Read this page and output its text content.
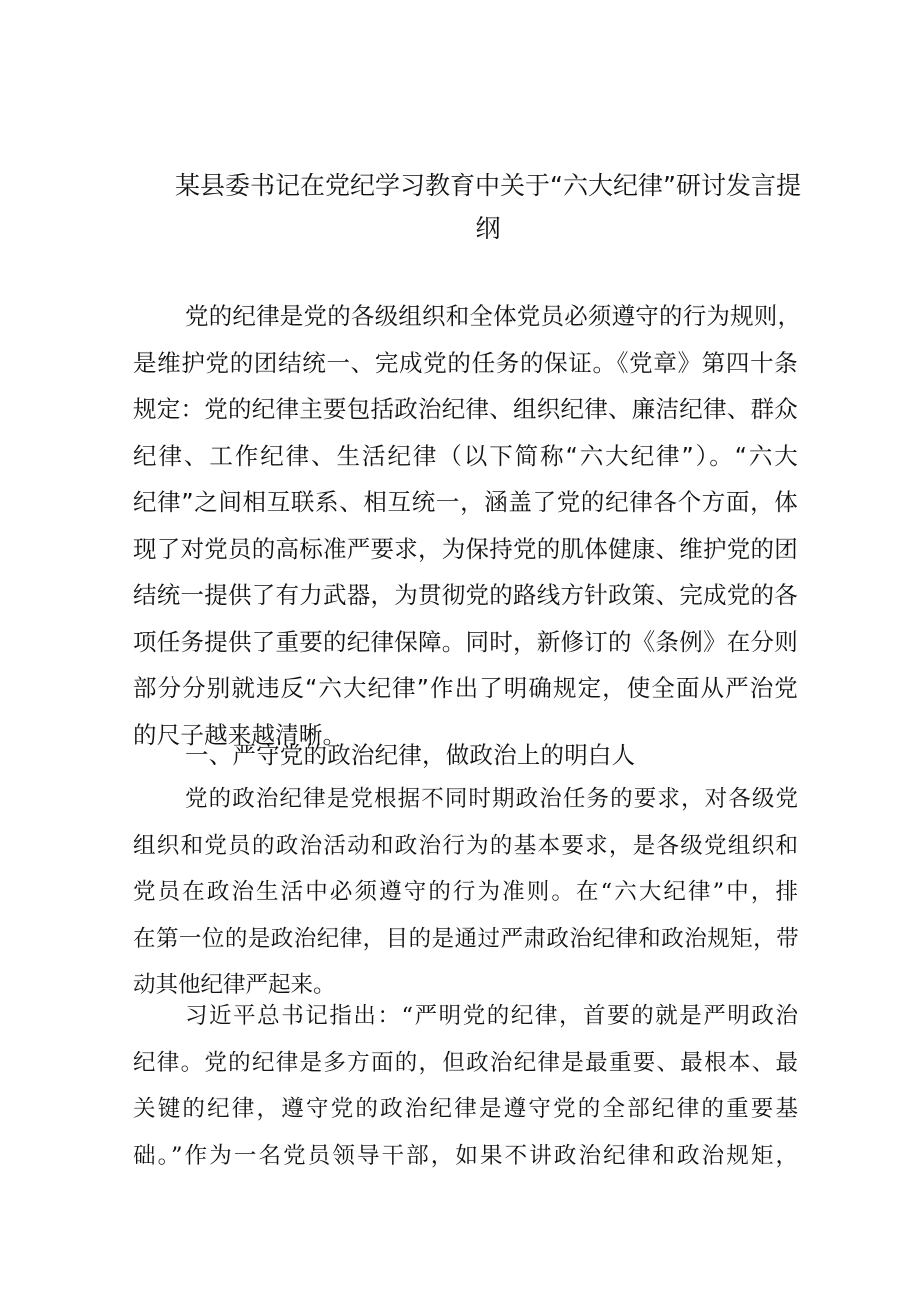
某县委书记在党纪学习教育中关于“六大纪律”研讨发言提
纲
党的纪律是党的各级组织和全体党员必须遵守的行为规则，
是维护党的团结统一、完成党的任务的保证。《党章》第四十条
规定：党的纪律主要包括政治纪律、组织纪律、廉洁纪律、群众
纪律、工作纪律、生活纪律（以下简称“六大纪律”）。“六大
纪律”之间相互联系、相互统一，涵盖了党的纪律各个方面，体
现了对党员的高标准严要求，为保持党的肌体健康、维护党的团
结统一提供了有力武器，为贯彻党的路线方针政策、完成党的各
项任务提供了重要的纪律保障。同时，新修订的《条例》在分则
部分分别就违反“六大纪律”作出了明确规定，使全面从严治党
的尺子越来越清晰。
一、严守党的政治纪律，做政治上的明白人
党的政治纪律是党根据不同时期政治任务的要求，对各级党
组织和党员的政治活动和政治行为的基本要求，是各级党组织和
党员在政治生活中必须遵守的行为准则。在“六大纪律”中，排
在第一位的是政治纪律，目的是通过严肃政治纪律和政治规矩，带
动其他纪律严起来。
习近平总书记指出：“严明党的纪律，首要的就是严明政治
纪律。党的纪律是多方面的，但政治纪律是最重要、最根本、最
关键的纪律，遵守党的政治纪律是遵守党的全部纪律的重要基
础。”作为一名党员领导干部，如果不讲政治纪律和政治规矩，
